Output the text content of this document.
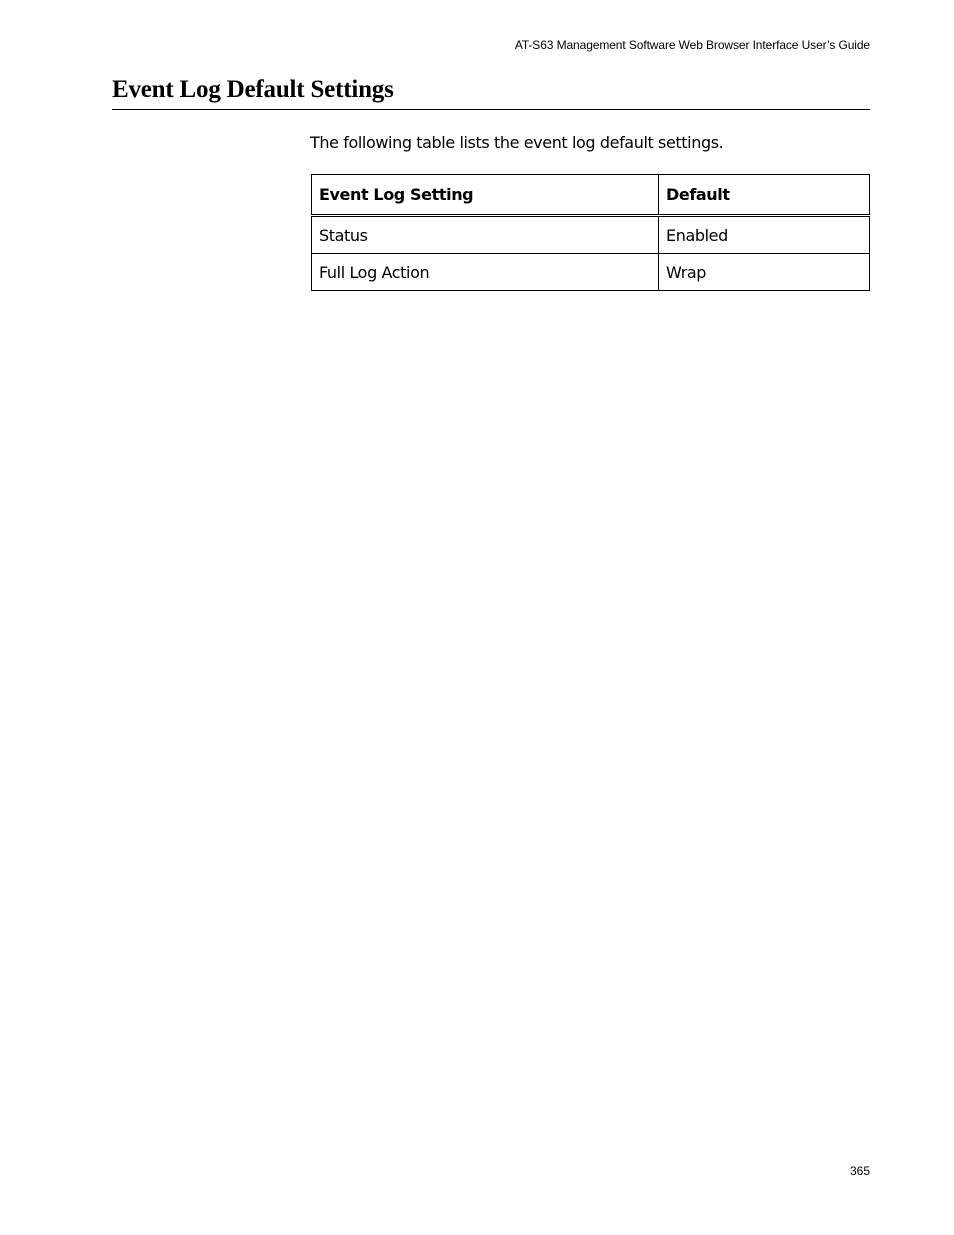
AT-S63 Management Software Web Browser Interface User’s Guide
Event Log Default Settings

The following table lists the event log default settings.

Event Log Setting	Default
Status	Enabled
Full Log Action	Wrap
365
